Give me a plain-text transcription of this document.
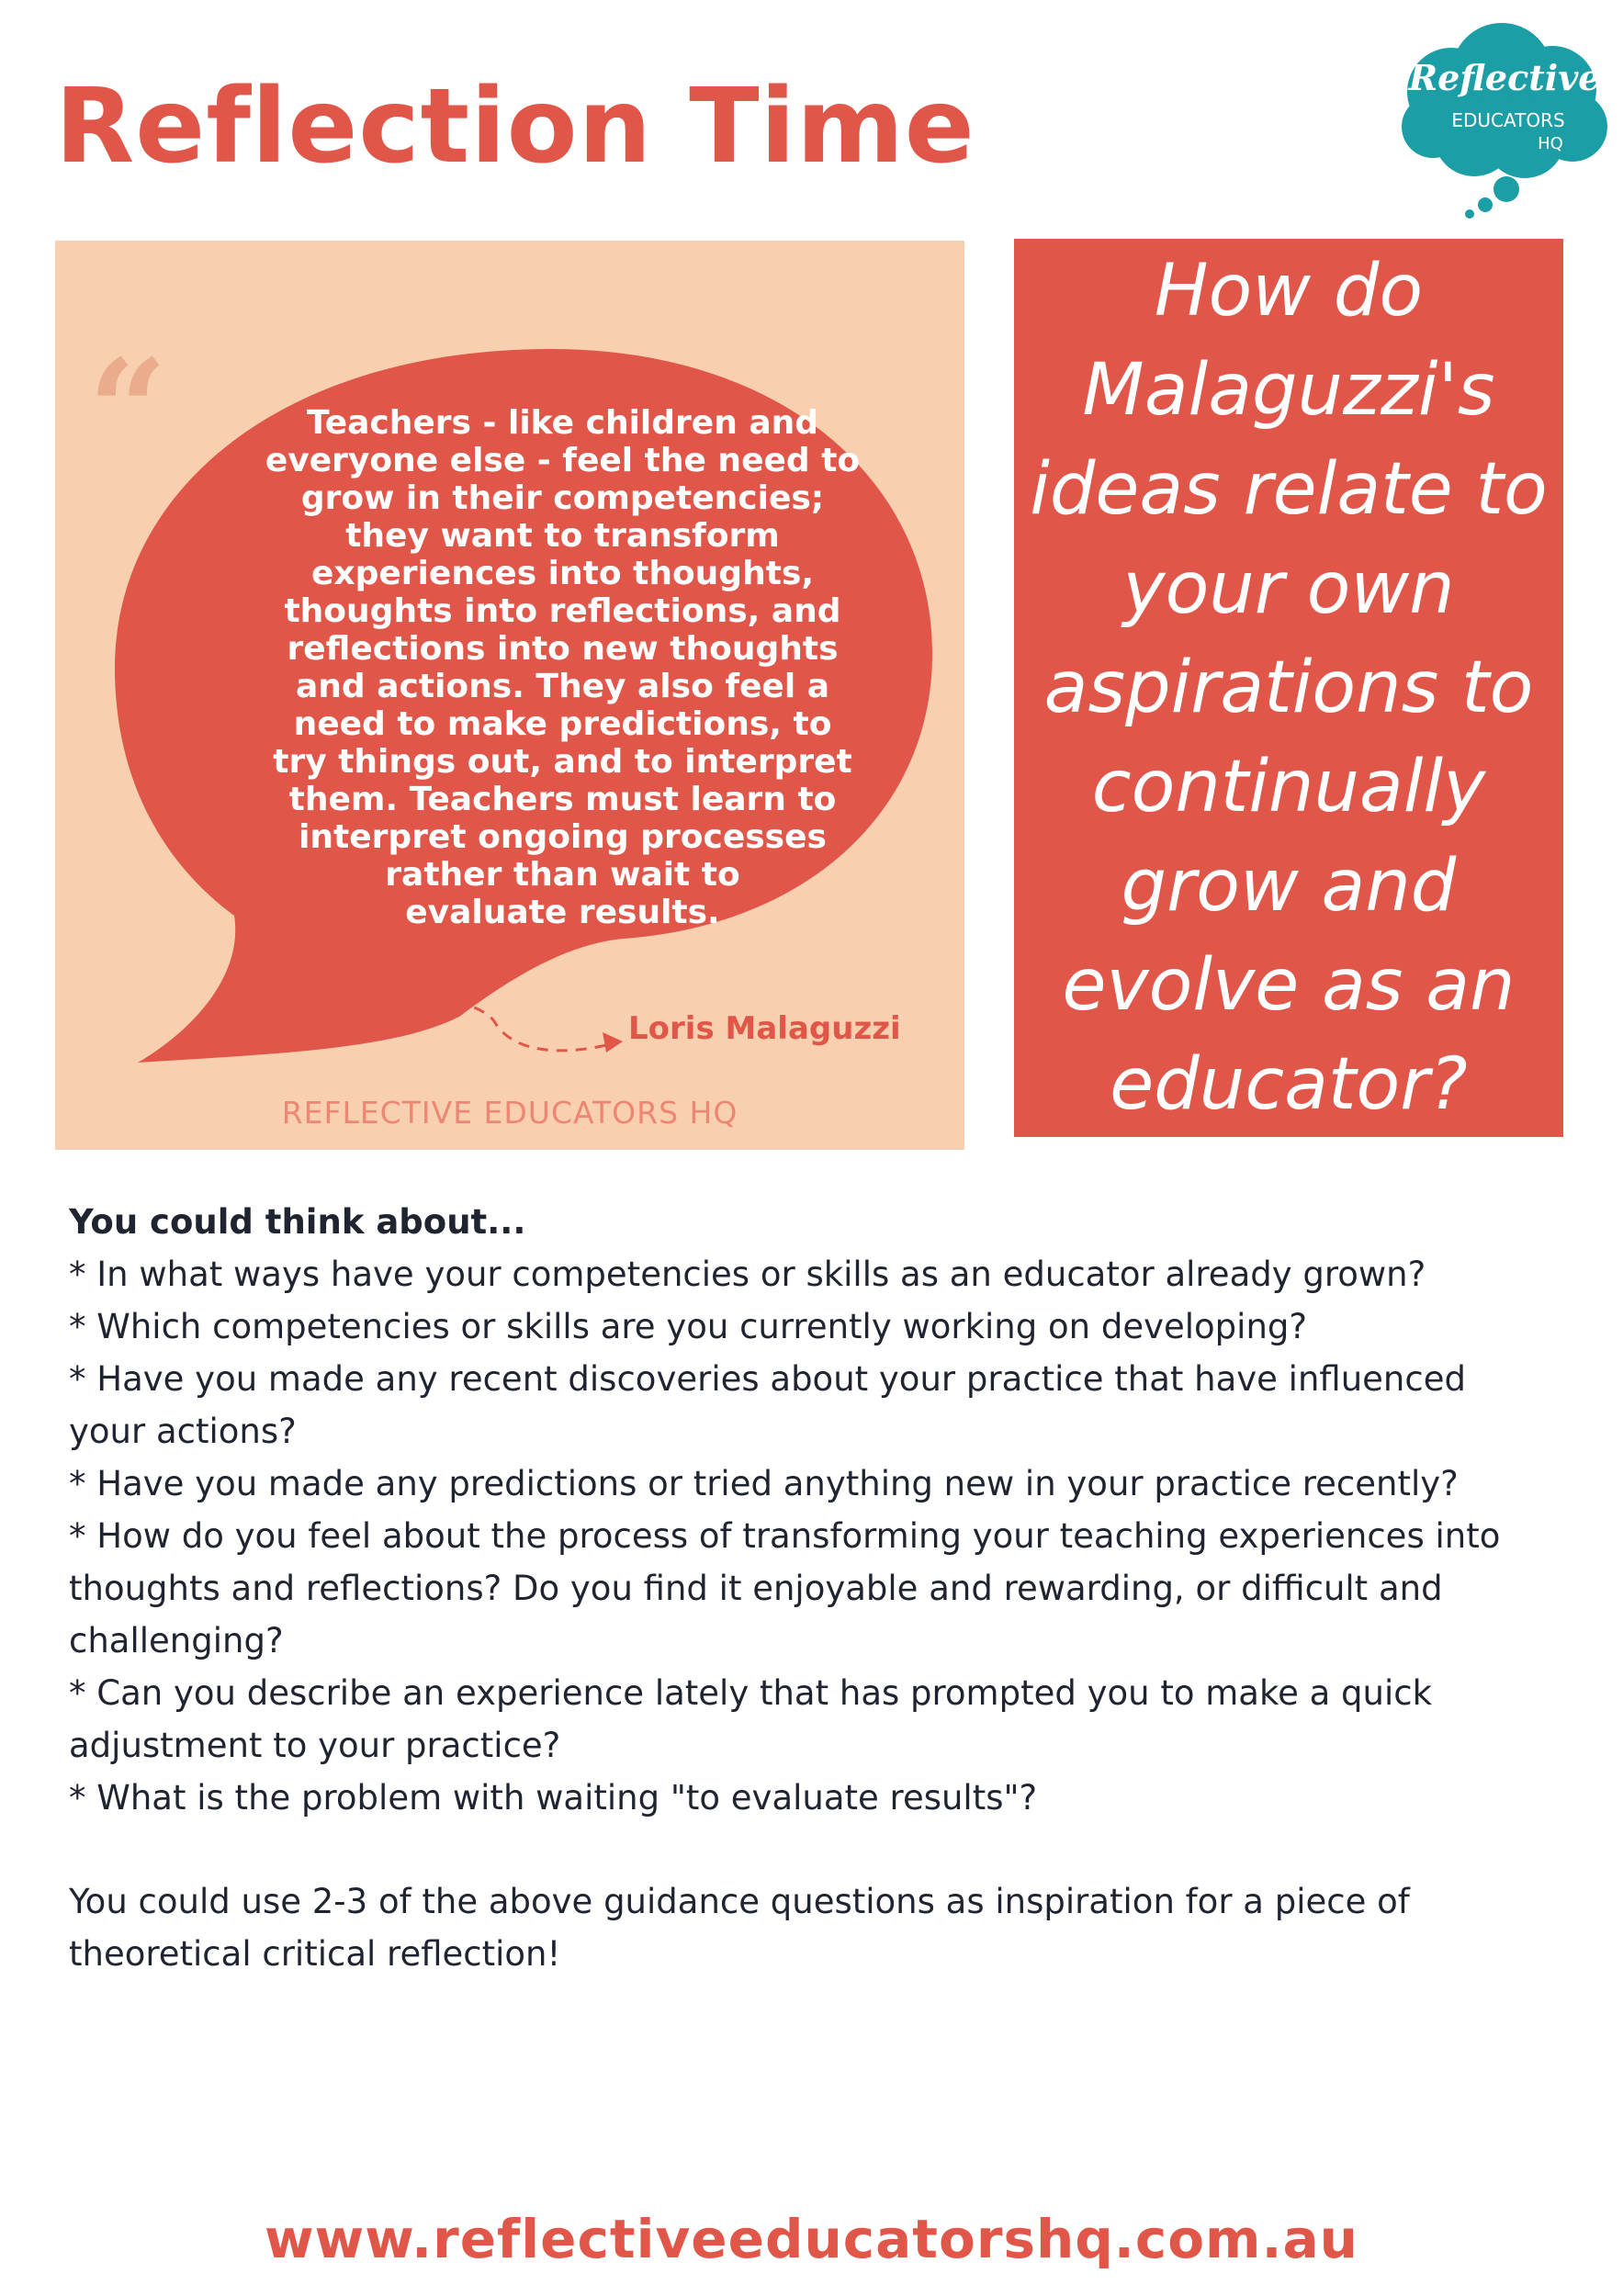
Reflection Time	Reflective
EDUCATORS
HQ
“	Teachers - like children and
everyone else - feel the need to
grow in their competencies;
they want to transform
experiences into thoughts,
thoughts into reflections, and
reflections into new thoughts
and actions. They also feel a
need to make predictions, to
try things out, and to interpret
them. Teachers must learn to
interpret ongoing processes
rather than wait to
evaluate results.
Loris Malaguzzi
REFLECTIVE EDUCATORS HQ
How do Malaguzzi's ideas relate to your own aspirations to continually grow and evolve as an educator?

You could think about...

* In what ways have your competencies or skills as an educator already grown?

* Which competencies or skills are you currently working on developing?

* Have you made any recent discoveries about your practice that have influenced your actions?

* Have you made any predictions or tried anything new in your practice recently?

* How do you feel about the process of transforming your teaching experiences into thoughts and reflections? Do you find it enjoyable and rewarding, or difficult and challenging?

* Can you describe an experience lately that has prompted you to make a quick adjustment to your practice?

* What is the problem with waiting "to evaluate results"?

You could use 2-3 of the above guidance questions as inspiration for a piece of theoretical critical reflection!

www.reflectiveeducatorshq.com.au
